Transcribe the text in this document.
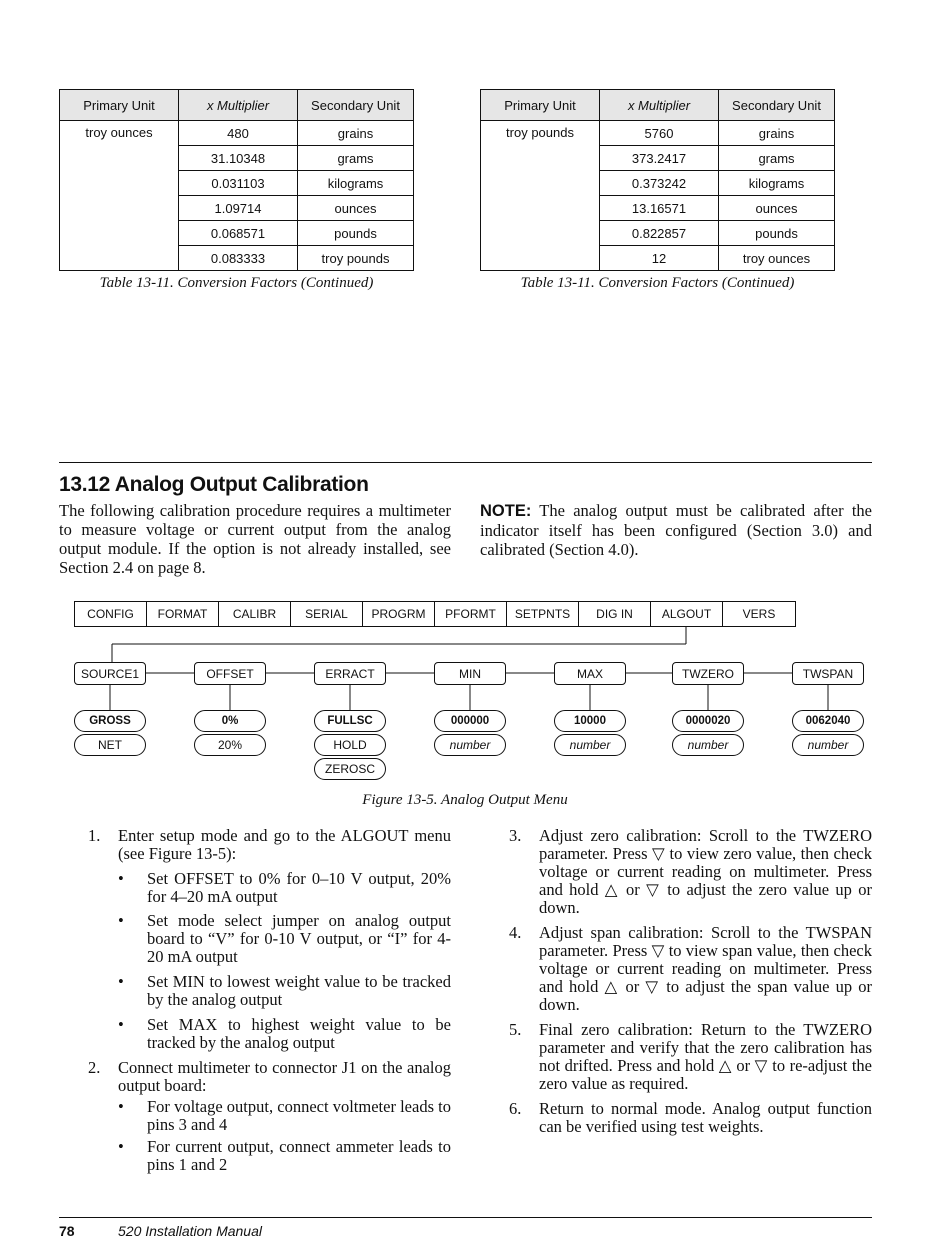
Primary Unit	x Multiplier	Secondary Unit
troy ounces	480	grains
	31.10348	grams
	0.031103	kilograms
	1.09714	ounces
	0.068571	pounds
	0.083333	troy pounds
Table 13-11. Conversion Factors (Continued)
Primary Unit	x Multiplier	Secondary Unit
troy pounds	5760	grains
	373.2417	grams
	0.373242	kilograms
	13.16571	ounces
	0.822857	pounds
	12	troy ounces
Table 13-11. Conversion Factors (Continued)
13.12 Analog Output Calibration
The following calibration procedure requires a multimeter to measure voltage or current output from the analog output module. If the option is not already installed, see Section 2.4 on page 8.
NOTE: The analog output must be calibrated after the indicator itself has been configured (Section 3.0) and calibrated (Section 4.0).
CONFIG	FORMAT	CALIBR	SERIAL	PROGRM	PFORMT	SETPNTS	DIG IN	ALGOUT	VERS
SOURCE1	OFFSET	ERRACT	MIN	MAX	TWZERO	TWSPAN
GROSS
NET
0%
20%
FULLSC
HOLD
ZEROSC
000000
number
10000
number
0000020
number
0062040
number
Figure 13-5. Analog Output Menu
1. Enter setup mode and go to the ALGOUT menu (see Figure 13-5):
• Set OFFSET to 0% for 0–10 V output, 20% for 4–20 mA output
• Set mode select jumper on analog output board to “V” for 0-10 V output, or “I” for 4-20 mA output
• Set MIN to lowest weight value to be tracked by the analog output
• Set MAX to highest weight value to be tracked by the analog output
2. Connect multimeter to connector J1 on the analog output board:
• For voltage output, connect voltmeter leads to pins 3 and 4
• For current output, connect ammeter leads to pins 1 and 2
3. Adjust zero calibration: Scroll to the TWZERO parameter. Press ▽ to view zero value, then check voltage or current reading on multimeter. Press and hold △ or ▽ to adjust the zero value up or down.
4. Adjust span calibration: Scroll to the TWSPAN parameter. Press ▽ to view span value, then check voltage or current reading on multimeter. Press and hold △ or ▽ to adjust the span value up or down.
5. Final zero calibration: Return to the TWZERO parameter and verify that the zero calibration has not drifted. Press and hold △ or ▽ to re-adjust the zero value as required.
6. Return to normal mode. Analog output function can be verified using test weights.
78	520 Installation Manual
